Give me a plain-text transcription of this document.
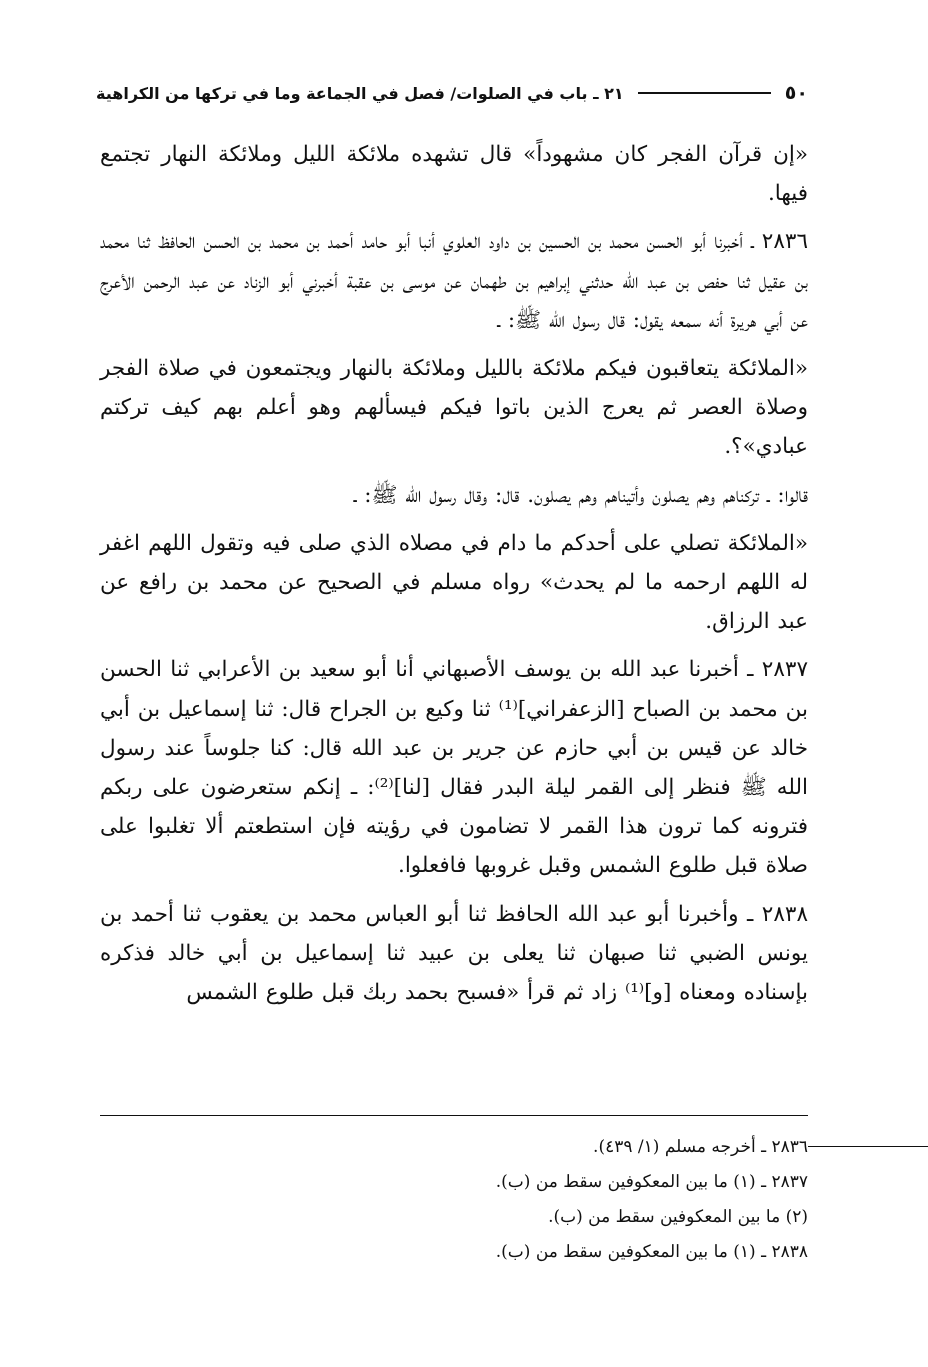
٥٠
٢١ ـ باب في الصلوات/ فصل في الجماعة وما في تركها من الكراهية

«إن قرآن الفجر كان مشهوداً» قال تشهده ملائكة الليل وملائكة النهار تجتمع فيها.

٢٨٣٦ ـ أخبرنا أبو الحسن محمد بن الحسين بن داود العلوي أنبا أبو حامد أحمد بن محمد بن الحسن الحافظ ثنا محمد بن عقيل ثنا حفص بن عبد الله حدثني إبراهيم بن طهمان عن موسى بن عقبة أخبرني أبو الزناد عن عبد الرحمن الأعرج عن أبي هريرة أنه سمعه يقول: قال رسول الله ﷺ: ـ

«الملائكة يتعاقبون فيكم ملائكة بالليل وملائكة بالنهار ويجتمعون في صلاة الفجر وصلاة العصر ثم يعرج الذين باتوا فيكم فيسألهم وهو أعلم بهم كيف تركتم عبادي»؟.

قالوا: ـ تركناهم وهم يصلون وأتيناهم وهم يصلون. قال: وقال رسول الله ﷺ: ـ

«الملائكة تصلي على أحدكم ما دام في مصلاه الذي صلى فيه وتقول اللهم اغفر له اللهم ارحمه ما لم يحدث» رواه مسلم في الصحيح عن محمد بن رافع عن عبد الرزاق.

٢٨٣٧ ـ أخبرنا عبد الله بن يوسف الأصبهاني أنا أبو سعيد بن الأعرابي ثنا الحسن بن محمد بن الصباح [الزعفراني]⁽¹⁾ ثنا وكيع بن الجراح قال: ثنا إسماعيل بن أبي خالد عن قيس بن أبي حازم عن جرير بن عبد الله قال: كنا جلوساً عند رسول الله ﷺ فنظر إلى القمر ليلة البدر فقال [لنا]⁽²⁾: ـ إنكم ستعرضون على ربكم فترونه كما ترون هذا القمر لا تضامون في رؤيته فإن استطعتم ألا تغلبوا على صلاة قبل طلوع الشمس وقبل غروبها فافعلوا.

٢٨٣٨ ـ وأخبرنا أبو عبد الله الحافظ ثنا أبو العباس محمد بن يعقوب ثنا أحمد بن يونس الضبي ثنا صبهان ثنا يعلى بن عبيد ثنا إسماعيل بن أبي خالد فذكره بإسناده ومعناه [و]⁽¹⁾ زاد ثم قرأ «فسبح بحمد ربك قبل طلوع الشمس

٢٨٣٦ ـ أخرجه مسلم (١/ ٤٣٩).
٢٨٣٧ ـ (١) ما بين المعكوفين سقط من (ب).
(٢) ما بين المعكوفين سقط من (ب).
٢٨٣٨ ـ (١) ما بين المعكوفين سقط من (ب).
